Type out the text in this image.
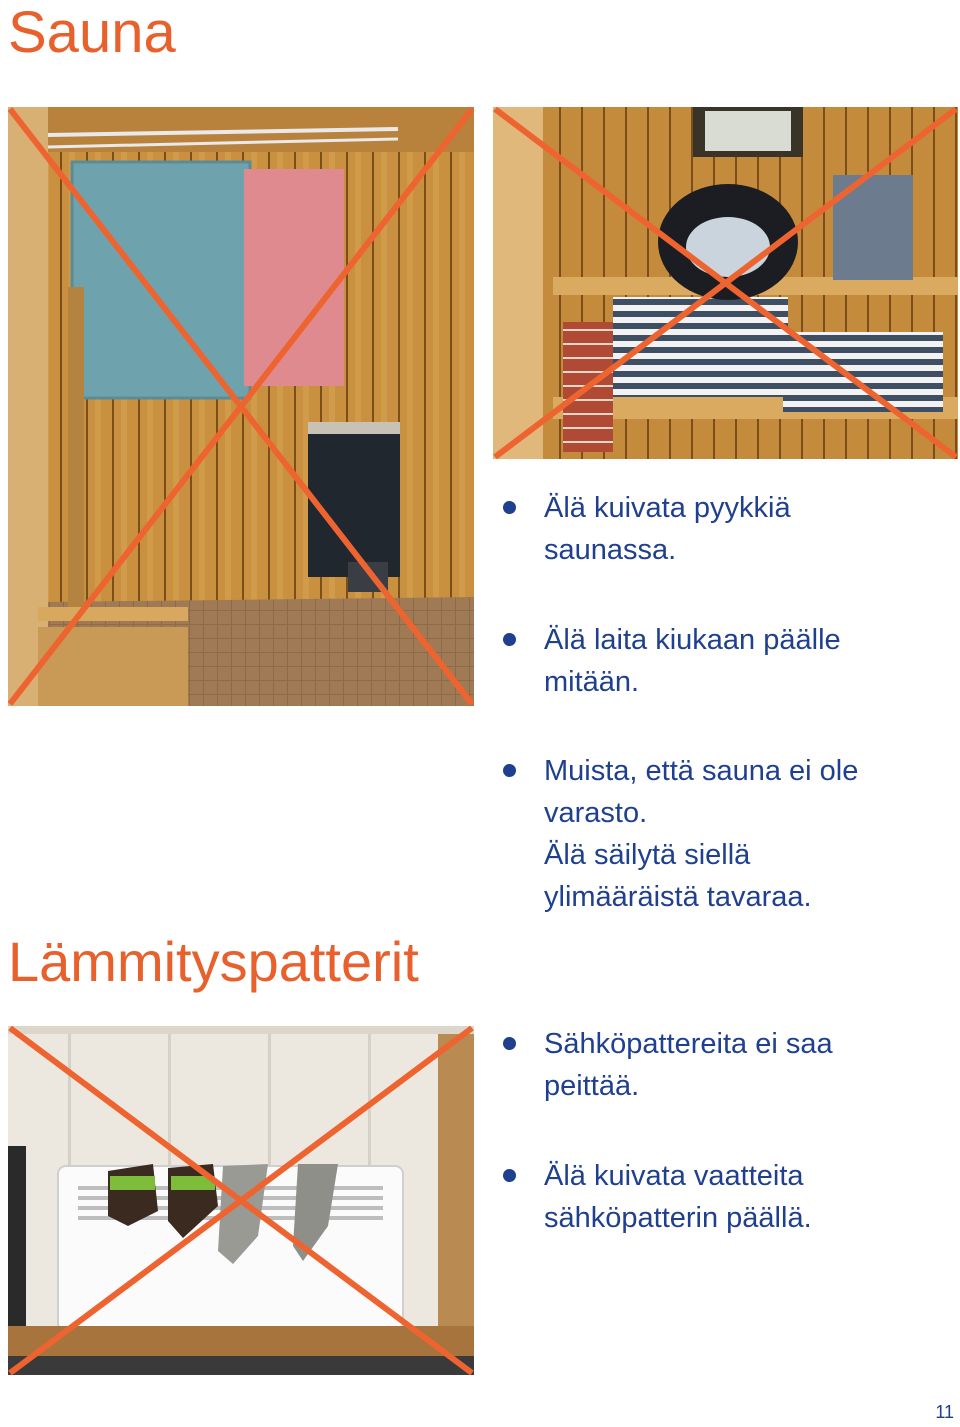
Sauna
Lämmityspatterit
Älä kuivata pyykkiä
saunassa.
Älä laita kiukaan päälle
mitään.
Muista, että sauna ei ole
varasto.
Älä säilytä siellä
ylimääräistä tavaraa.
Sähköpattereita ei saa
peittää.
Älä kuivata vaatteita
sähköpatterin päällä.
11
